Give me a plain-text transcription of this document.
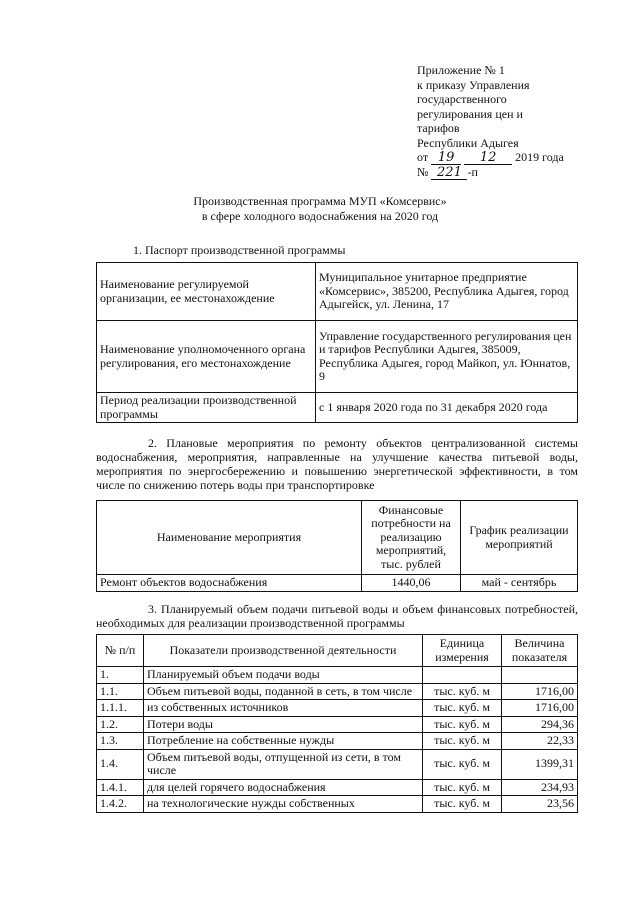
Приложение № 1
к приказу Управления
государственного
регулирования цен и
тарифов
Республики Адыгея
от 19 12 2019 года
№ 221 -п
Производственная программа МУП «Комсервис»
в сфере холодного водоснабжения на 2020 год
1. Паспорт производственной программы
Наименование регулируемой организации, ее местонахождение	Муниципальное унитарное предприятие «Комсервис», 385200, Республика Адыгея, город Адыгейск, ул. Ленина, 17
Наименование уполномоченного органа регулирования, его местонахождение	Управление государственного регулирования цен и тарифов Республики Адыгея, 385009, Республика Адыгея, город Майкоп, ул. Юннатов, 9
Период реализации производственной программы	с 1 января 2020 года по 31 декабря 2020 года
2. Плановые мероприятия по ремонту объектов централизованной системы водоснабжения, мероприятия, направленные на улучшение качества питьевой воды, мероприятия по энергосбережению и повышению энергетической эффективности, в том числе по снижению потерь воды при транспортировке
Наименование мероприятия	Финансовые потребности на реализацию мероприятий, тыс. рублей	График реализации мероприятий
Ремонт объектов водоснабжения	1440,06	май - сентябрь
3. Планируемый объем подачи питьевой воды и объем финансовых потребностей, необходимых для реализации производственной программы
№ п/п	Показатели производственной деятельности	Единица измерения	Величина показателя
1.	Планируемый объем подачи воды		
1.1.	Объем питьевой воды, поданной в сеть, в том числе	тыс. куб. м	1716,00
1.1.1.	из собственных источников	тыс. куб. м	1716,00
1.2.	Потери воды	тыс. куб. м	294,36
1.3.	Потребление на собственные нужды	тыс. куб. м	22,33
1.4.	Объем питьевой воды, отпущенной из сети, в том числе	тыс. куб. м	1399,31
1.4.1.	для целей горячего водоснабжения	тыс. куб. м	234,93
1.4.2.	на технологические нужды собственных	тыс. куб. м	23,56
